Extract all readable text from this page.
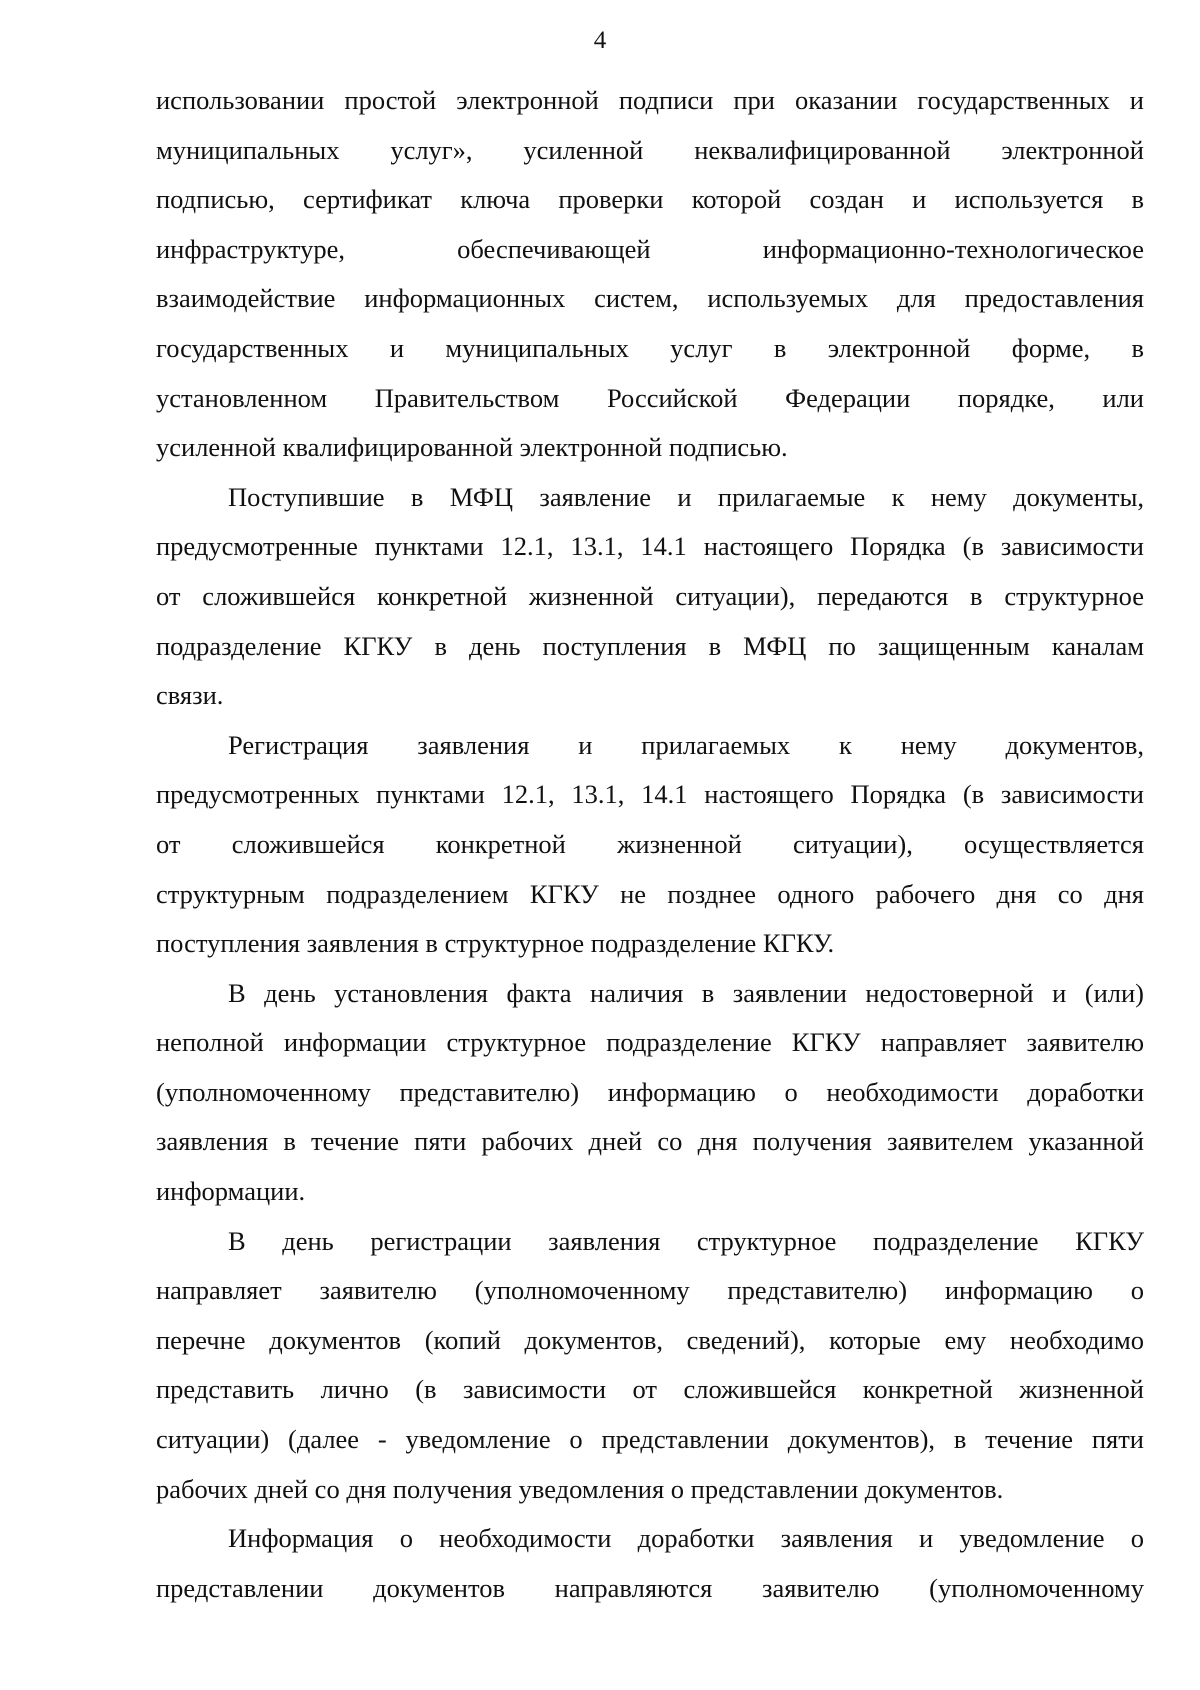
4
использовании простой электронной подписи при оказании государственных и
муниципальных услуг», усиленной неквалифицированной электронной
подписью, сертификат ключа проверки которой создан и используется в
инфраструктуре, обеспечивающей информационно-технологическое
взаимодействие информационных систем, используемых для предоставления
государственных и муниципальных услуг в электронной форме, в
установленном Правительством Российской Федерации порядке, или
усиленной квалифицированной электронной подписью.
Поступившие в МФЦ заявление и прилагаемые к нему документы,
предусмотренные пунктами 12.1, 13.1, 14.1 настоящего Порядка (в зависимости
от сложившейся конкретной жизненной ситуации), передаются в структурное
подразделение КГКУ в день поступления в МФЦ по защищенным каналам
связи.
Регистрация заявления и прилагаемых к нему документов,
предусмотренных пунктами 12.1, 13.1, 14.1 настоящего Порядка (в зависимости
от сложившейся конкретной жизненной ситуации), осуществляется
структурным подразделением КГКУ не позднее одного рабочего дня со дня
поступления заявления в структурное подразделение КГКУ.
В день установления факта наличия в заявлении недостоверной и (или)
неполной информации структурное подразделение КГКУ направляет заявителю
(уполномоченному представителю) информацию о необходимости доработки
заявления в течение пяти рабочих дней со дня получения заявителем указанной
информации.
В день регистрации заявления структурное подразделение КГКУ
направляет заявителю (уполномоченному представителю) информацию о
перечне документов (копий документов, сведений), которые ему необходимо
представить лично (в зависимости от сложившейся конкретной жизненной
ситуации) (далее - уведомление о представлении документов), в течение пяти
рабочих дней со дня получения уведомления о представлении документов.
Информация о необходимости доработки заявления и уведомление о
представлении документов направляются заявителю (уполномоченному
